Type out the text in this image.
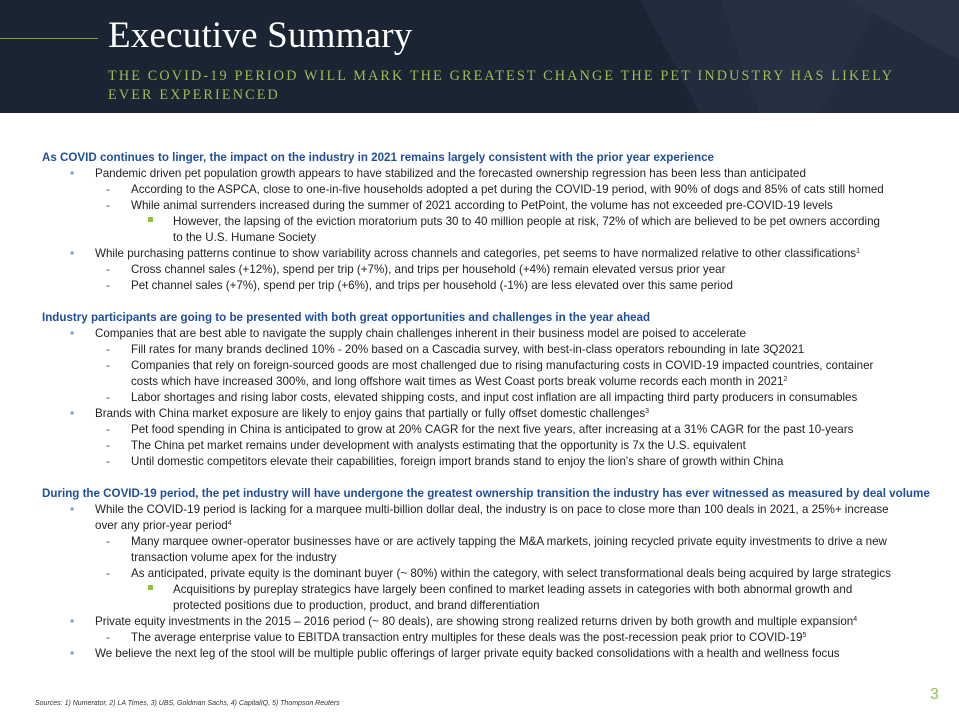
Executive Summary
THE COVID-19 PERIOD WILL MARK THE GREATEST CHANGE THE PET INDUSTRY HAS LIKELY EVER EXPERIENCED
As COVID continues to linger, the impact on the industry in 2021 remains largely consistent with the prior year experience
• Pandemic driven pet population growth appears to have stabilized and the forecasted ownership regression has been less than anticipated
- According to the ASPCA, close to one-in-five households adopted a pet during the COVID-19 period, with 90% of dogs and 85% of cats still homed
- While animal surrenders increased during the summer of 2021 according to PetPoint, the volume has not exceeded pre-COVID-19 levels
However, the lapsing of the eviction moratorium puts 30 to 40 million people at risk, 72% of which are believed to be pet owners according
to the U.S. Humane Society
• While purchasing patterns continue to show variability across channels and categories, pet seems to have normalized relative to other classifications$^1$
- Cross channel sales (+12%), spend per trip (+7%), and trips per household (+4%) remain elevated versus prior year
- Pet channel sales (+7%), spend per trip (+6%), and trips per household (-1%) are less elevated over this same period
Industry participants are going to be presented with both great opportunities and challenges in the year ahead
• Companies that are best able to navigate the supply chain challenges inherent in their business model are poised to accelerate
- Fill rates for many brands declined 10% - 20% based on a Cascadia survey, with best-in-class operators rebounding in late 3Q2021
- Companies that rely on foreign-sourced goods are most challenged due to rising manufacturing costs in COVID-19 impacted countries, container
costs which have increased 300%, and long offshore wait times as West Coast ports break volume records each month in 2021$^2$
- Labor shortages and rising labor costs, elevated shipping costs, and input cost inflation are all impacting third party producers in consumables
• Brands with China market exposure are likely to enjoy gains that partially or fully offset domestic challenges$^3$
- Pet food spending in China is anticipated to grow at 20% CAGR for the next five years, after increasing at a 31% CAGR for the past 10-years
- The China pet market remains under development with analysts estimating that the opportunity is 7x the U.S. equivalent
- Until domestic competitors elevate their capabilities, foreign import brands stand to enjoy the lion's share of growth within China
During the COVID-19 period, the pet industry will have undergone the greatest ownership transition the industry has ever witnessed as measured by deal volume
• While the COVID-19 period is lacking for a marquee multi-billion dollar deal, the industry is on pace to close more than 100 deals in 2021, a 25%+ increase
over any prior-year period$^4$
- Many marquee owner-operator businesses have or are actively tapping the M&A markets, joining recycled private equity investments to drive a new
transaction volume apex for the industry
- As anticipated, private equity is the dominant buyer (~ 80%) within the category, with select transformational deals being acquired by large strategics
Acquisitions by pureplay strategics have largely been confined to market leading assets in categories with both abnormal growth and
protected positions due to production, product, and brand differentiation
• Private equity investments in the 2015 – 2016 period (~ 80 deals), are showing strong realized returns driven by both growth and multiple expansion$^4$
- The average enterprise value to EBITDA transaction entry multiples for these deals was the post-recession peak prior to COVID-$19^5$
• We believe the next leg of the stool will be multiple public offerings of larger private equity backed consolidations with a health and wellness focus
3
Sources: 1) Numerator, 2) LA Times, 3) UBS, Goldman Sachs, 4) CapitalIQ, 5) Thompson Reuters
